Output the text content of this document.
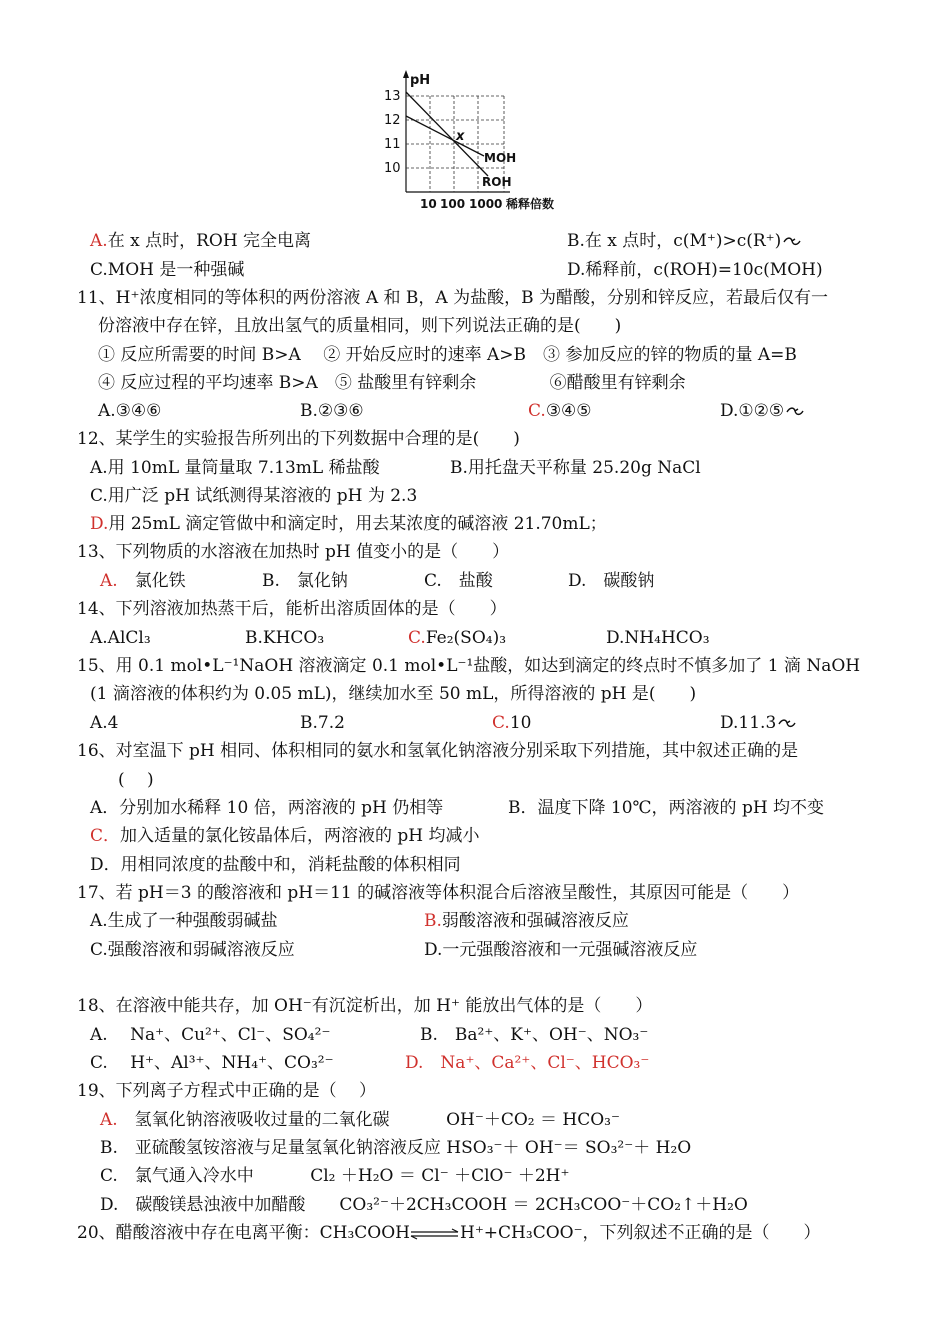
pH
13
12
11
10
x
MOH
ROH
10 100 1000 稀释倍数
A.在 x 点时，ROH 完全电离	B.在 x 点时，c(M⁺)>c(R⁺)
C.MOH 是一种强碱	D.稀释前，c(ROH)=10c(MOH)
11、H⁺浓度相同的等体积的两份溶液 A 和 B，A 为盐酸，B 为醋酸，分别和锌反应，若最后仅有一
份溶液中存在锌，且放出氢气的质量相同，则下列说法正确的是(　　)
① 反应所需要的时间 B>A　 ② 开始反应时的速率 A>B　③ 参加反应的锌的物质的量 A=B
④ 反应过程的平均速率 B>A　⑤ 盐酸里有锌剩余　　　　 ⑥醋酸里有锌剩余
A.③④⑥	B.②③⑥	C.③④⑤	D.①②⑤
12、某学生的实验报告所列出的下列数据中合理的是(　　)
A.用 10mL 量筒量取 7.13mL 稀盐酸	B.用托盘天平称量 25.20g NaCl
C.用广泛 pH 试纸测得某溶液的 pH 为 2.3
D.用 25mL 滴定管做中和滴定时，用去某浓度的碱溶液 21.70mL；
13、下列物质的水溶液在加热时 pH 值变小的是（　　）
A.　 氯化铁	B.　氯化钠	C.　盐酸	D.　碳酸钠
14、下列溶液加热蒸干后，能析出溶质固体的是（　　）
A.AlCl₃	B.KHCO₃	C.Fe₂(SO₄)₃	D.NH₄HCO₃
15、用 0.1 mol•L⁻¹NaOH 溶液滴定 0.1 mol•L⁻¹盐酸，如达到滴定的终点时不慎多加了 1 滴 NaOH
(1 滴溶液的体积约为 0.05 mL)，继续加水至 50 mL，所得溶液的 pH 是(　　)
A.4	B.7.2	C.10	D.11.3
16、对室温下 pH 相同、体积相同的氨水和氢氧化钠溶液分别采取下列措施，其中叙述正确的是
(　 )
A．分别加水稀释 10 倍，两溶液的 pH 仍相等	B．温度下降 10℃，两溶液的 pH 均不变
C．加入适量的氯化铵晶体后，两溶液的 pH 均减小
D．用相同浓度的盐酸中和，消耗盐酸的体积相同
17、若 pH＝3 的酸溶液和 pH＝11 的碱溶液等体积混合后溶液呈酸性，其原因可能是（　　）
A.生成了一种强酸弱碱盐	B.弱酸溶液和强碱溶液反应
C.强酸溶液和弱碱溶液反应	D.一元强酸溶液和一元强碱溶液反应
18、在溶液中能共存，加 OH⁻有沉淀析出，加 H⁺ 能放出气体的是（　　）
A.　 Na⁺、Cu²⁺、Cl⁻、SO₄²⁻	B.　Ba²⁺、K⁺、OH⁻、NO₃⁻
C.　 H⁺、Al³⁺、NH₄⁺、CO₃²⁻	D.　Na⁺、Ca²⁺、Cl⁻、HCO₃⁻
19、下列离子方程式中正确的是（　 ）
A.　氢氧化钠溶液吸收过量的二氧化碳　　　 OH⁻＋CO₂ ＝ HCO₃⁻
B.　亚硫酸氢铵溶液与足量氢氧化钠溶液反应 HSO₃⁻＋ OH⁻＝ SO₃²⁻＋ H₂O
C.　氯气通入冷水中　　　 Cl₂ ＋H₂O ＝ Cl⁻ ＋ClO⁻ ＋2H⁺
D.　碳酸镁悬浊液中加醋酸　　CO₃²⁻＋2CH₃COOH ＝ 2CH₃COO⁻＋CO₂↑＋H₂O
20、醋酸溶液中存在电离平衡：CH₃COOH⇌H⁺+CH₃COO⁻，下列叙述不正确的是（　　）
